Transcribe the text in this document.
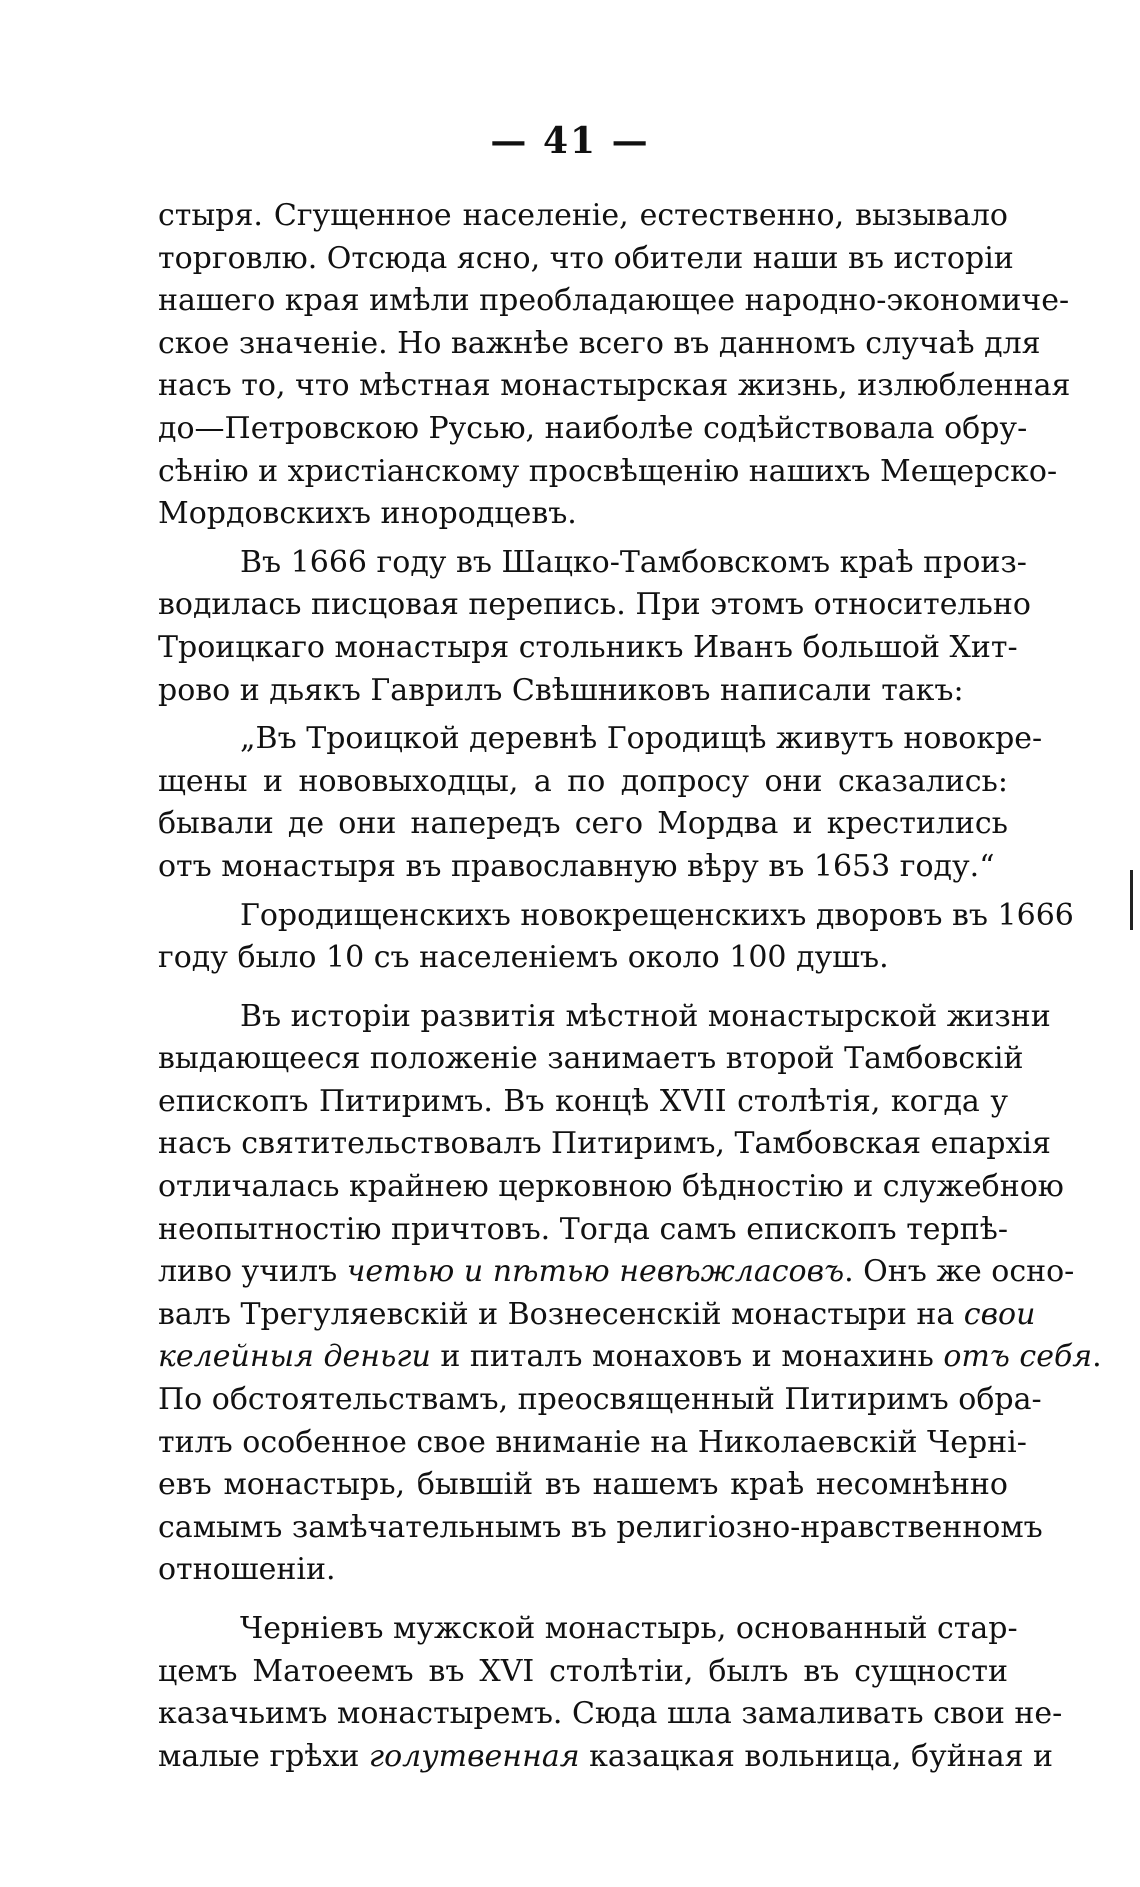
— 41 —
стыря. Сгущенное населеніе, естественно, вызывало
торговлю. Отсюда ясно, что обители наши въ исторіи
нашего края имѣли преобладающее народно-экономиче-
ское значеніе. Но важнѣе всего въ данномъ случаѣ для
насъ то, что мѣстная монастырская жизнь, излюбленная
до—Петровскою Русью, наиболѣе содѣйствовала обру-
сѣнію и христіанскому просвѣщенію нашихъ Мещерско-
Мордовскихъ инородцевъ.
Въ 1666 году въ Шацко-Тамбовскомъ краѣ произ-
водилась писцовая перепись. При этомъ относительно
Троицкаго монастыря стольникъ Иванъ большой Хит-
рово и дьякъ Гаврилъ Свѣшниковъ написали такъ:
„Въ Троицкой деревнѣ Городищѣ живутъ новокре-
щены и нововыходцы, а по допросу они сказались:
бывали де они напередъ сего Мордва и крестились
отъ монастыря въ православную вѣру въ 1653 году.“
Городищенскихъ новокрещенскихъ дворовъ въ 1666
году было 10 съ населеніемъ около 100 душъ.
Въ исторіи развитія мѣстной монастырской жизни
выдающееся положеніе занимаетъ второй Тамбовскій
епископъ Питиримъ. Въ концѣ XVII столѣтія, когда у
насъ святительствовалъ Питиримъ, Тамбовская епархія
отличалась крайнею церковною бѣдностію и служебною
неопытностію причтовъ. Тогда самъ епископъ терпѣ-
ливо училъ четью и пѣтью невѣжласовъ. Онъ же осно-
валъ Трегуляевскій и Вознесенскій монастыри на свои
келейныя деньги и питалъ монаховъ и монахинь отъ себя.
По обстоятельствамъ, преосвященный Питиримъ обра-
тилъ особенное свое вниманіе на Николаевскій Черні-
евъ монастырь, бывшій въ нашемъ краѣ несомнѣнно
самымъ замѣчательнымъ въ религіозно-нравственномъ
отношеніи.
Черніевъ мужской монастырь, основанный стар-
цемъ Матоеемъ въ XVI столѣтіи, былъ въ сущности
казачьимъ монастыремъ. Сюда шла замаливать свои не-
малые грѣхи голутвенная казацкая вольница, буйная и
